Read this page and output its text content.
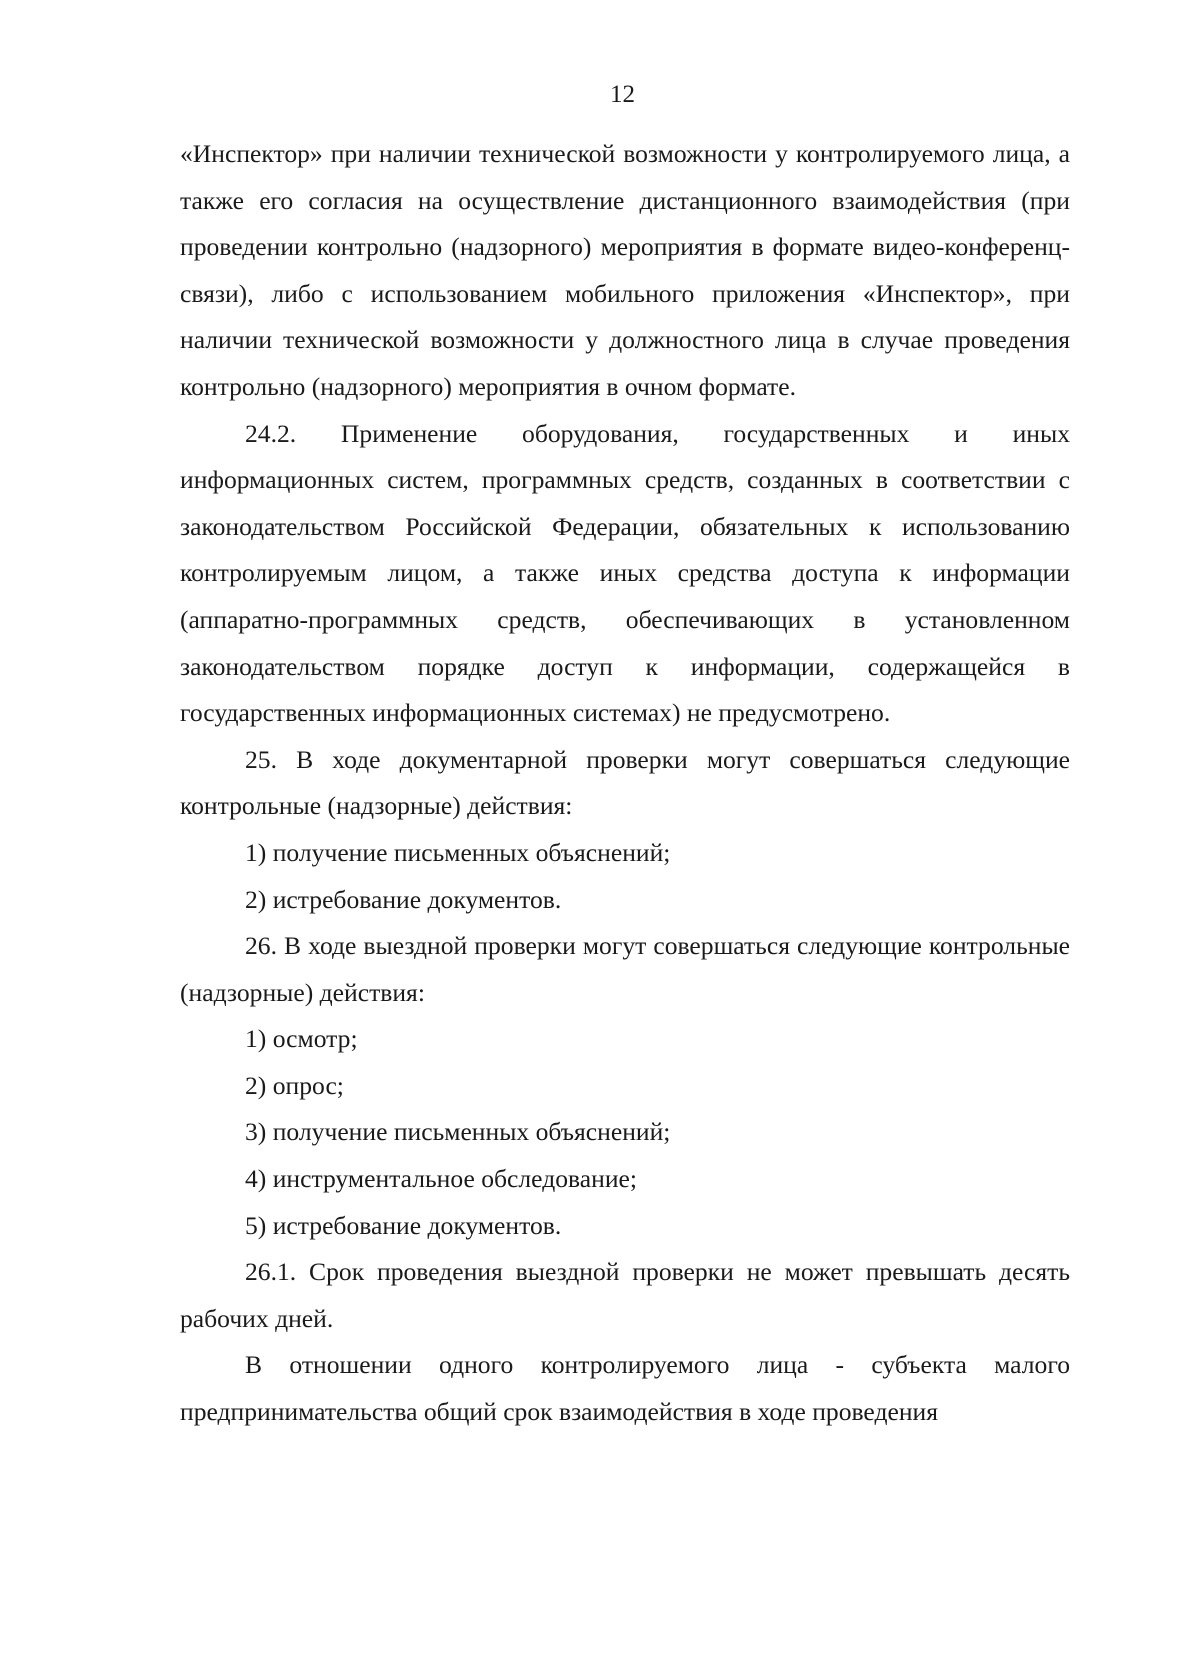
12

«Инспектор» при наличии технической возможности у контролируемого лица, а также его согласия на осуществление дистанционного взаимодействия (при проведении контрольно (надзорного) мероприятия в формате видео-конференц-связи), либо с использованием мобильного приложения «Инспектор», при наличии технической возможности у должностного лица в случае проведения контрольно (надзорного) мероприятия в очном формате.

24.2. Применение оборудования, государственных и иных информационных систем, программных средств, созданных в соответствии с законодательством Российской Федерации, обязательных к использованию контролируемым лицом, а также иных средства доступа к информации (аппаратно-программных средств, обеспечивающих в установленном законодательством порядке доступ к информации, содержащейся в государственных информационных системах) не предусмотрено.

25. В ходе документарной проверки могут совершаться следующие контрольные (надзорные) действия:

1) получение письменных объяснений;

2) истребование документов.

26. В ходе выездной проверки могут совершаться следующие контрольные (надзорные) действия:

1) осмотр;

2) опрос;

3) получение письменных объяснений;

4) инструментальное обследование;

5) истребование документов.

26.1. Срок проведения выездной проверки не может превышать десять рабочих дней.

В отношении одного контролируемого лица - субъекта малого предпринимательства общий срок взаимодействия в ходе проведения
